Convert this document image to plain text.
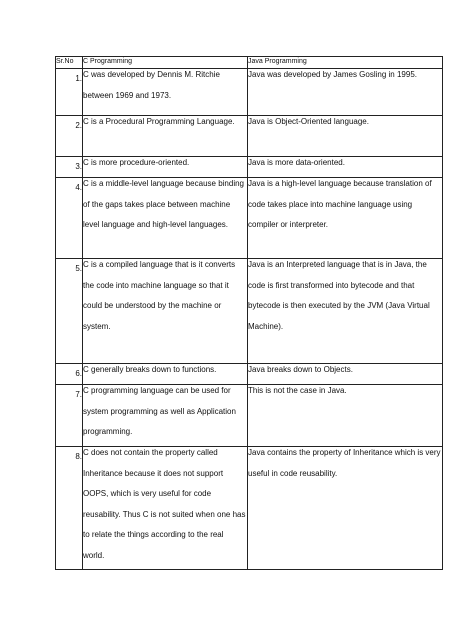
Sr.No	C Programming	Java Programming
1.	C was developed by Dennis M. Ritchie between 1969 and 1973.	Java was developed by James Gosling in 1995.

2.	C is a Procedural Programming Language.	Java is Object-Oriented language.

3.	C is more procedure-oriented.	Java is more data-oriented.

4.	C is a middle-level language because binding of the gaps takes place between machine level language and high-level languages.	Java is a high-level language because translation of code takes place into machine language using compiler or interpreter.

5.	C is a compiled language that is it converts the code into machine language so that it could be understood by the machine or system.	Java is an Interpreted language that is in Java, the code is first transformed into bytecode and that bytecode is then executed by the JVM (Java Virtual Machine).

6.	C generally breaks down to functions.	Java breaks down to Objects.

7.	C programming language can be used for system programming as well as Application programming.	This is not the case in Java.

8.	C does not contain the property called Inheritance because it does not support OOPS, which is very useful for code reusability. Thus C is not suited when one has to relate the things according to the real world.	Java contains the property of Inheritance which is very useful in code reusability.
